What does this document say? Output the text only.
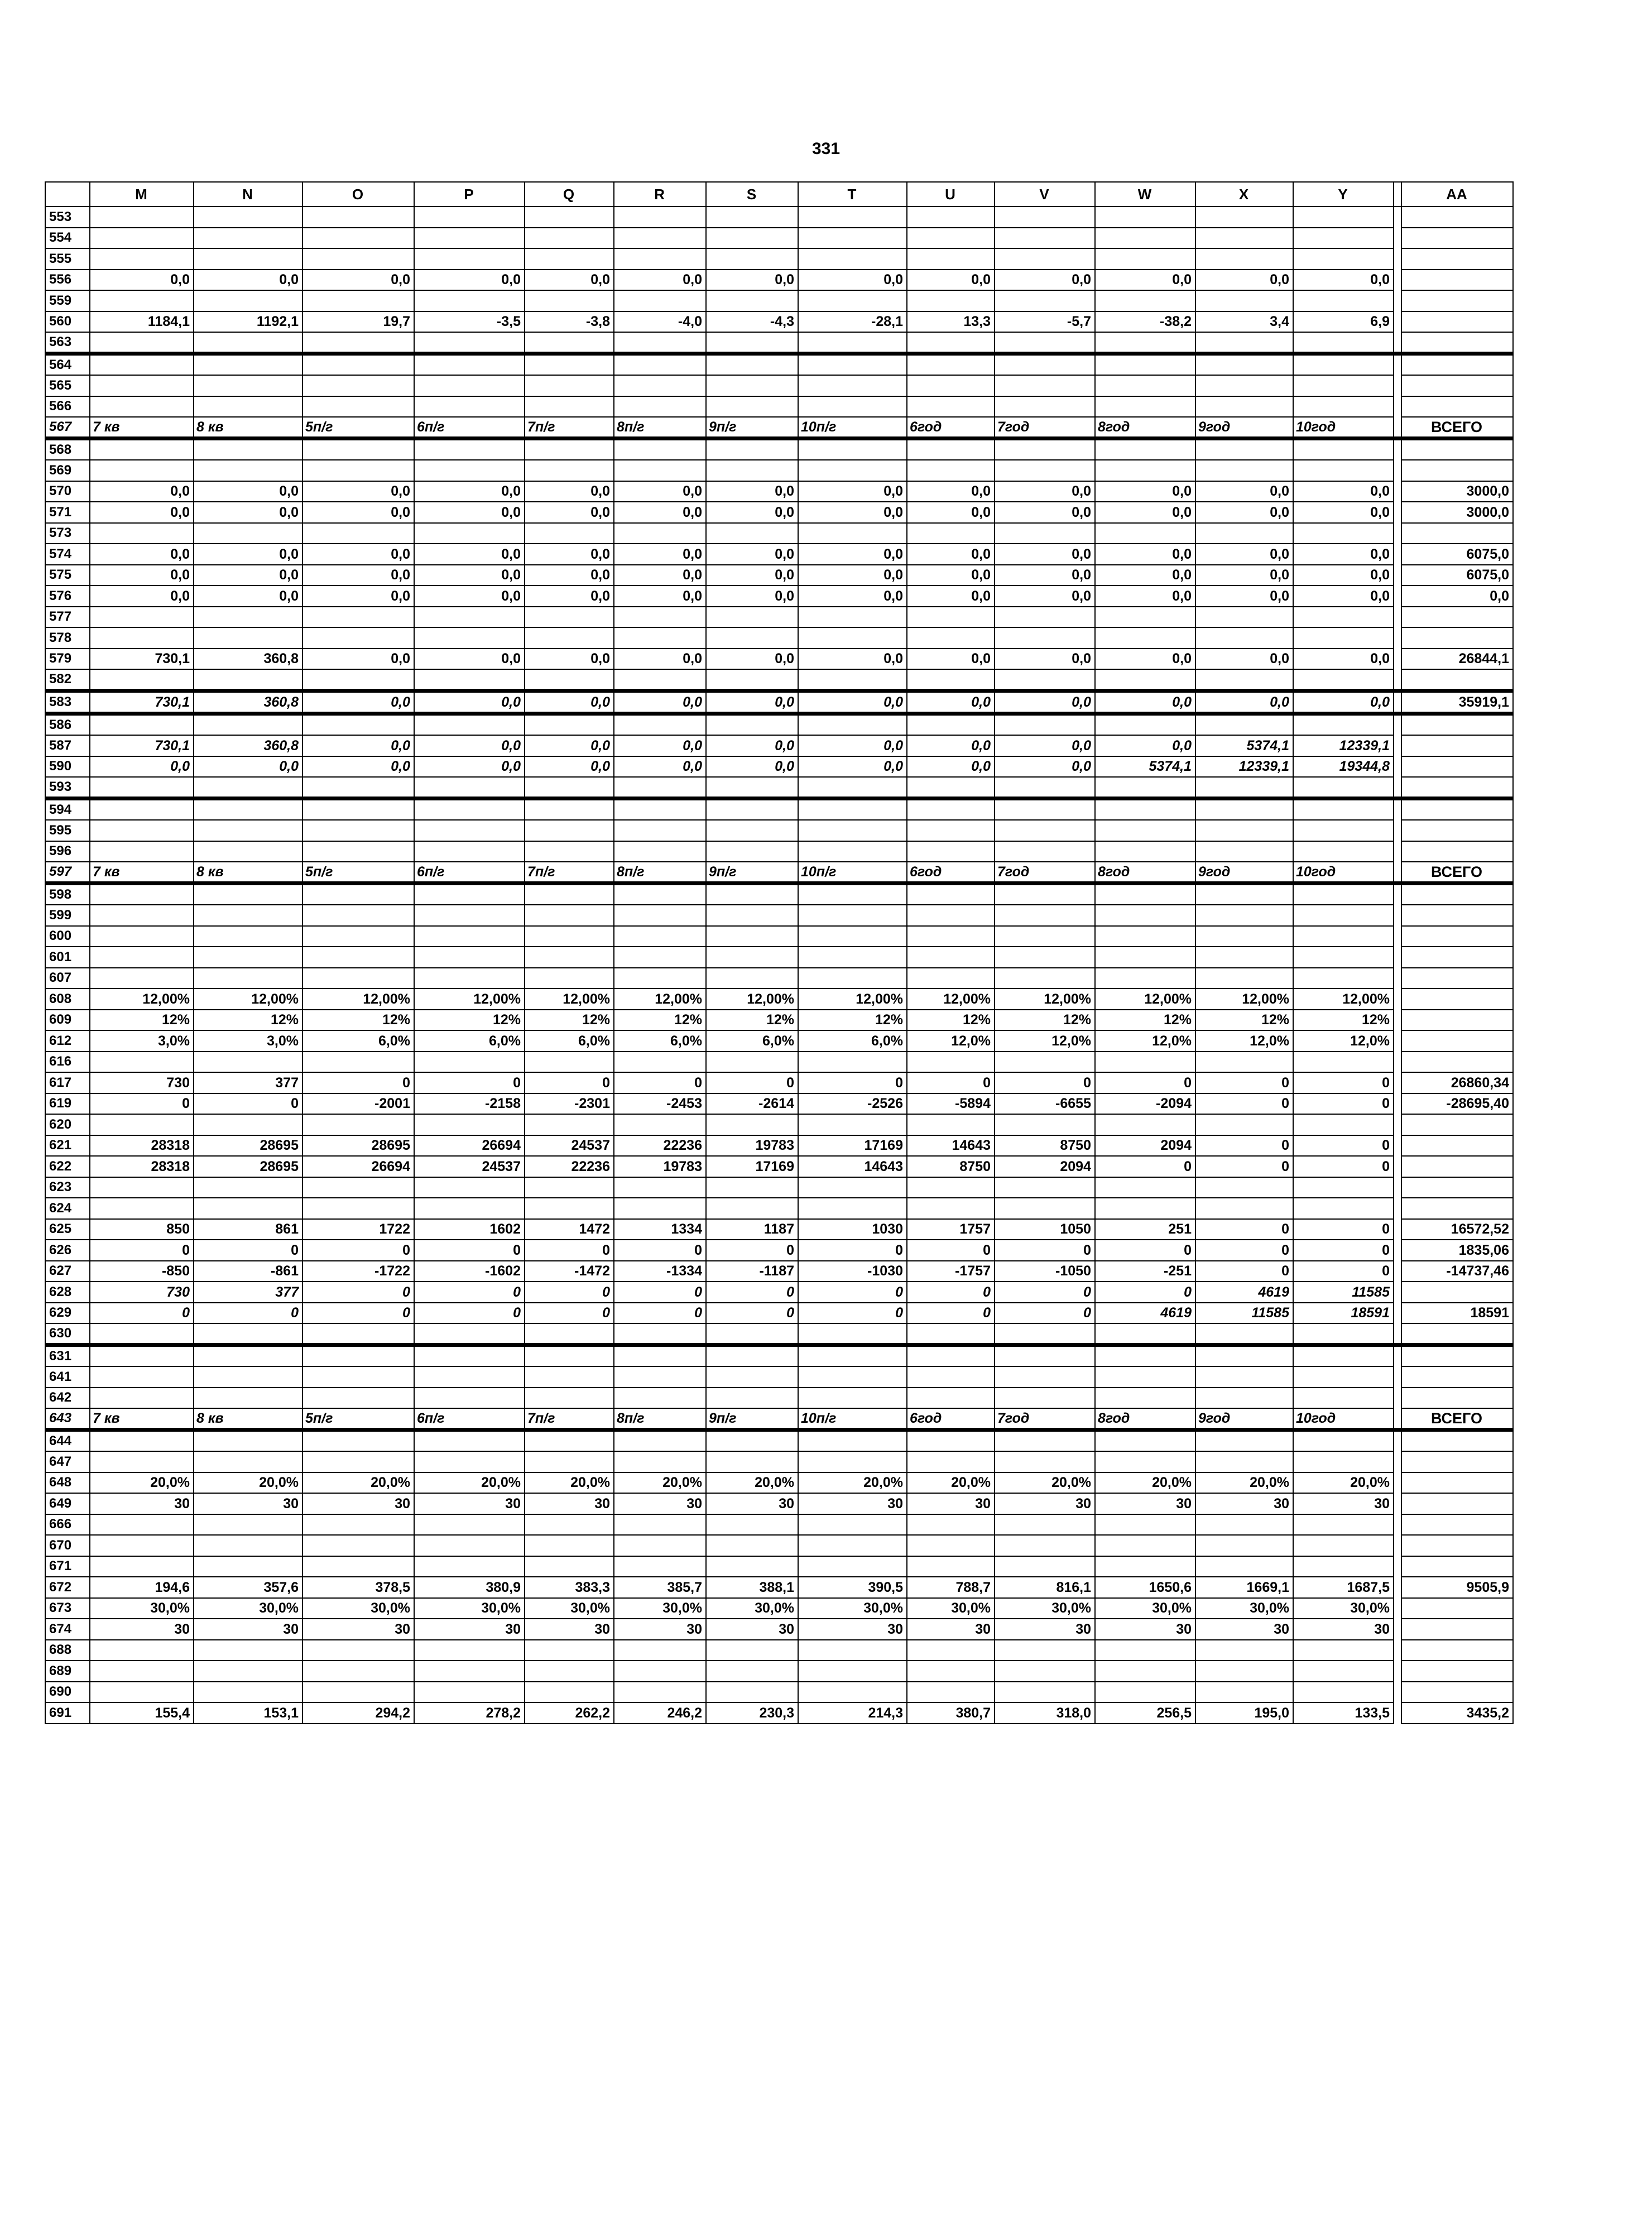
331
	M	N	O	P	Q	R	S	T	U	V	W	X	Y		AA
553															
554															
555															
556	0,0	0,0	0,0	0,0	0,0	0,0	0,0	0,0	0,0	0,0	0,0	0,0	0,0		
559															
560	1184,1	1192,1	19,7	-3,5	-3,8	-4,0	-4,3	-28,1	13,3	-5,7	-38,2	3,4	6,9		
563															
564															
565															
566															
567	7 кв	8 кв	5п/г	6п/г	7п/г	8п/г	9п/г	10п/г	6год	7год	8год	9год	10год		ВСЕГО
568															
569															
570	0,0	0,0	0,0	0,0	0,0	0,0	0,0	0,0	0,0	0,0	0,0	0,0	0,0		3000,0
571	0,0	0,0	0,0	0,0	0,0	0,0	0,0	0,0	0,0	0,0	0,0	0,0	0,0		3000,0
573															
574	0,0	0,0	0,0	0,0	0,0	0,0	0,0	0,0	0,0	0,0	0,0	0,0	0,0		6075,0
575	0,0	0,0	0,0	0,0	0,0	0,0	0,0	0,0	0,0	0,0	0,0	0,0	0,0		6075,0
576	0,0	0,0	0,0	0,0	0,0	0,0	0,0	0,0	0,0	0,0	0,0	0,0	0,0		0,0
577															
578															
579	730,1	360,8	0,0	0,0	0,0	0,0	0,0	0,0	0,0	0,0	0,0	0,0	0,0		26844,1
582															
583	730,1	360,8	0,0	0,0	0,0	0,0	0,0	0,0	0,0	0,0	0,0	0,0	0,0		35919,1
586															
587	730,1	360,8	0,0	0,0	0,0	0,0	0,0	0,0	0,0	0,0	0,0	5374,1	12339,1		
590	0,0	0,0	0,0	0,0	0,0	0,0	0,0	0,0	0,0	0,0	5374,1	12339,1	19344,8		
593															
594															
595															
596															
597	7 кв	8 кв	5п/г	6п/г	7п/г	8п/г	9п/г	10п/г	6год	7год	8год	9год	10год		ВСЕГО
598															
599															
600															
601															
607															
608	12,00%	12,00%	12,00%	12,00%	12,00%	12,00%	12,00%	12,00%	12,00%	12,00%	12,00%	12,00%	12,00%		
609	12%	12%	12%	12%	12%	12%	12%	12%	12%	12%	12%	12%	12%		
612	3,0%	3,0%	6,0%	6,0%	6,0%	6,0%	6,0%	6,0%	12,0%	12,0%	12,0%	12,0%	12,0%		
616															
617	730	377	0	0	0	0	0	0	0	0	0	0	0		26860,34
619	0	0	-2001	-2158	-2301	-2453	-2614	-2526	-5894	-6655	-2094	0	0		-28695,40
620															
621	28318	28695	28695	26694	24537	22236	19783	17169	14643	8750	2094	0	0		
622	28318	28695	26694	24537	22236	19783	17169	14643	8750	2094	0	0	0		
623															
624															
625	850	861	1722	1602	1472	1334	1187	1030	1757	1050	251	0	0		16572,52
626	0	0	0	0	0	0	0	0	0	0	0	0	0		1835,06
627	-850	-861	-1722	-1602	-1472	-1334	-1187	-1030	-1757	-1050	-251	0	0		-14737,46
628	730	377	0	0	0	0	0	0	0	0	0	4619	11585		
629	0	0	0	0	0	0	0	0	0	0	4619	11585	18591		18591
630															
631															
641															
642															
643	7 кв	8 кв	5п/г	6п/г	7п/г	8п/г	9п/г	10п/г	6год	7год	8год	9год	10год		ВСЕГО
644															
647															
648	20,0%	20,0%	20,0%	20,0%	20,0%	20,0%	20,0%	20,0%	20,0%	20,0%	20,0%	20,0%	20,0%		
649	30	30	30	30	30	30	30	30	30	30	30	30	30		
666															
670															
671															
672	194,6	357,6	378,5	380,9	383,3	385,7	388,1	390,5	788,7	816,1	1650,6	1669,1	1687,5		9505,9
673	30,0%	30,0%	30,0%	30,0%	30,0%	30,0%	30,0%	30,0%	30,0%	30,0%	30,0%	30,0%	30,0%		
674	30	30	30	30	30	30	30	30	30	30	30	30	30		
688															
689															
690															
691	155,4	153,1	294,2	278,2	262,2	246,2	230,3	214,3	380,7	318,0	256,5	195,0	133,5		3435,2
